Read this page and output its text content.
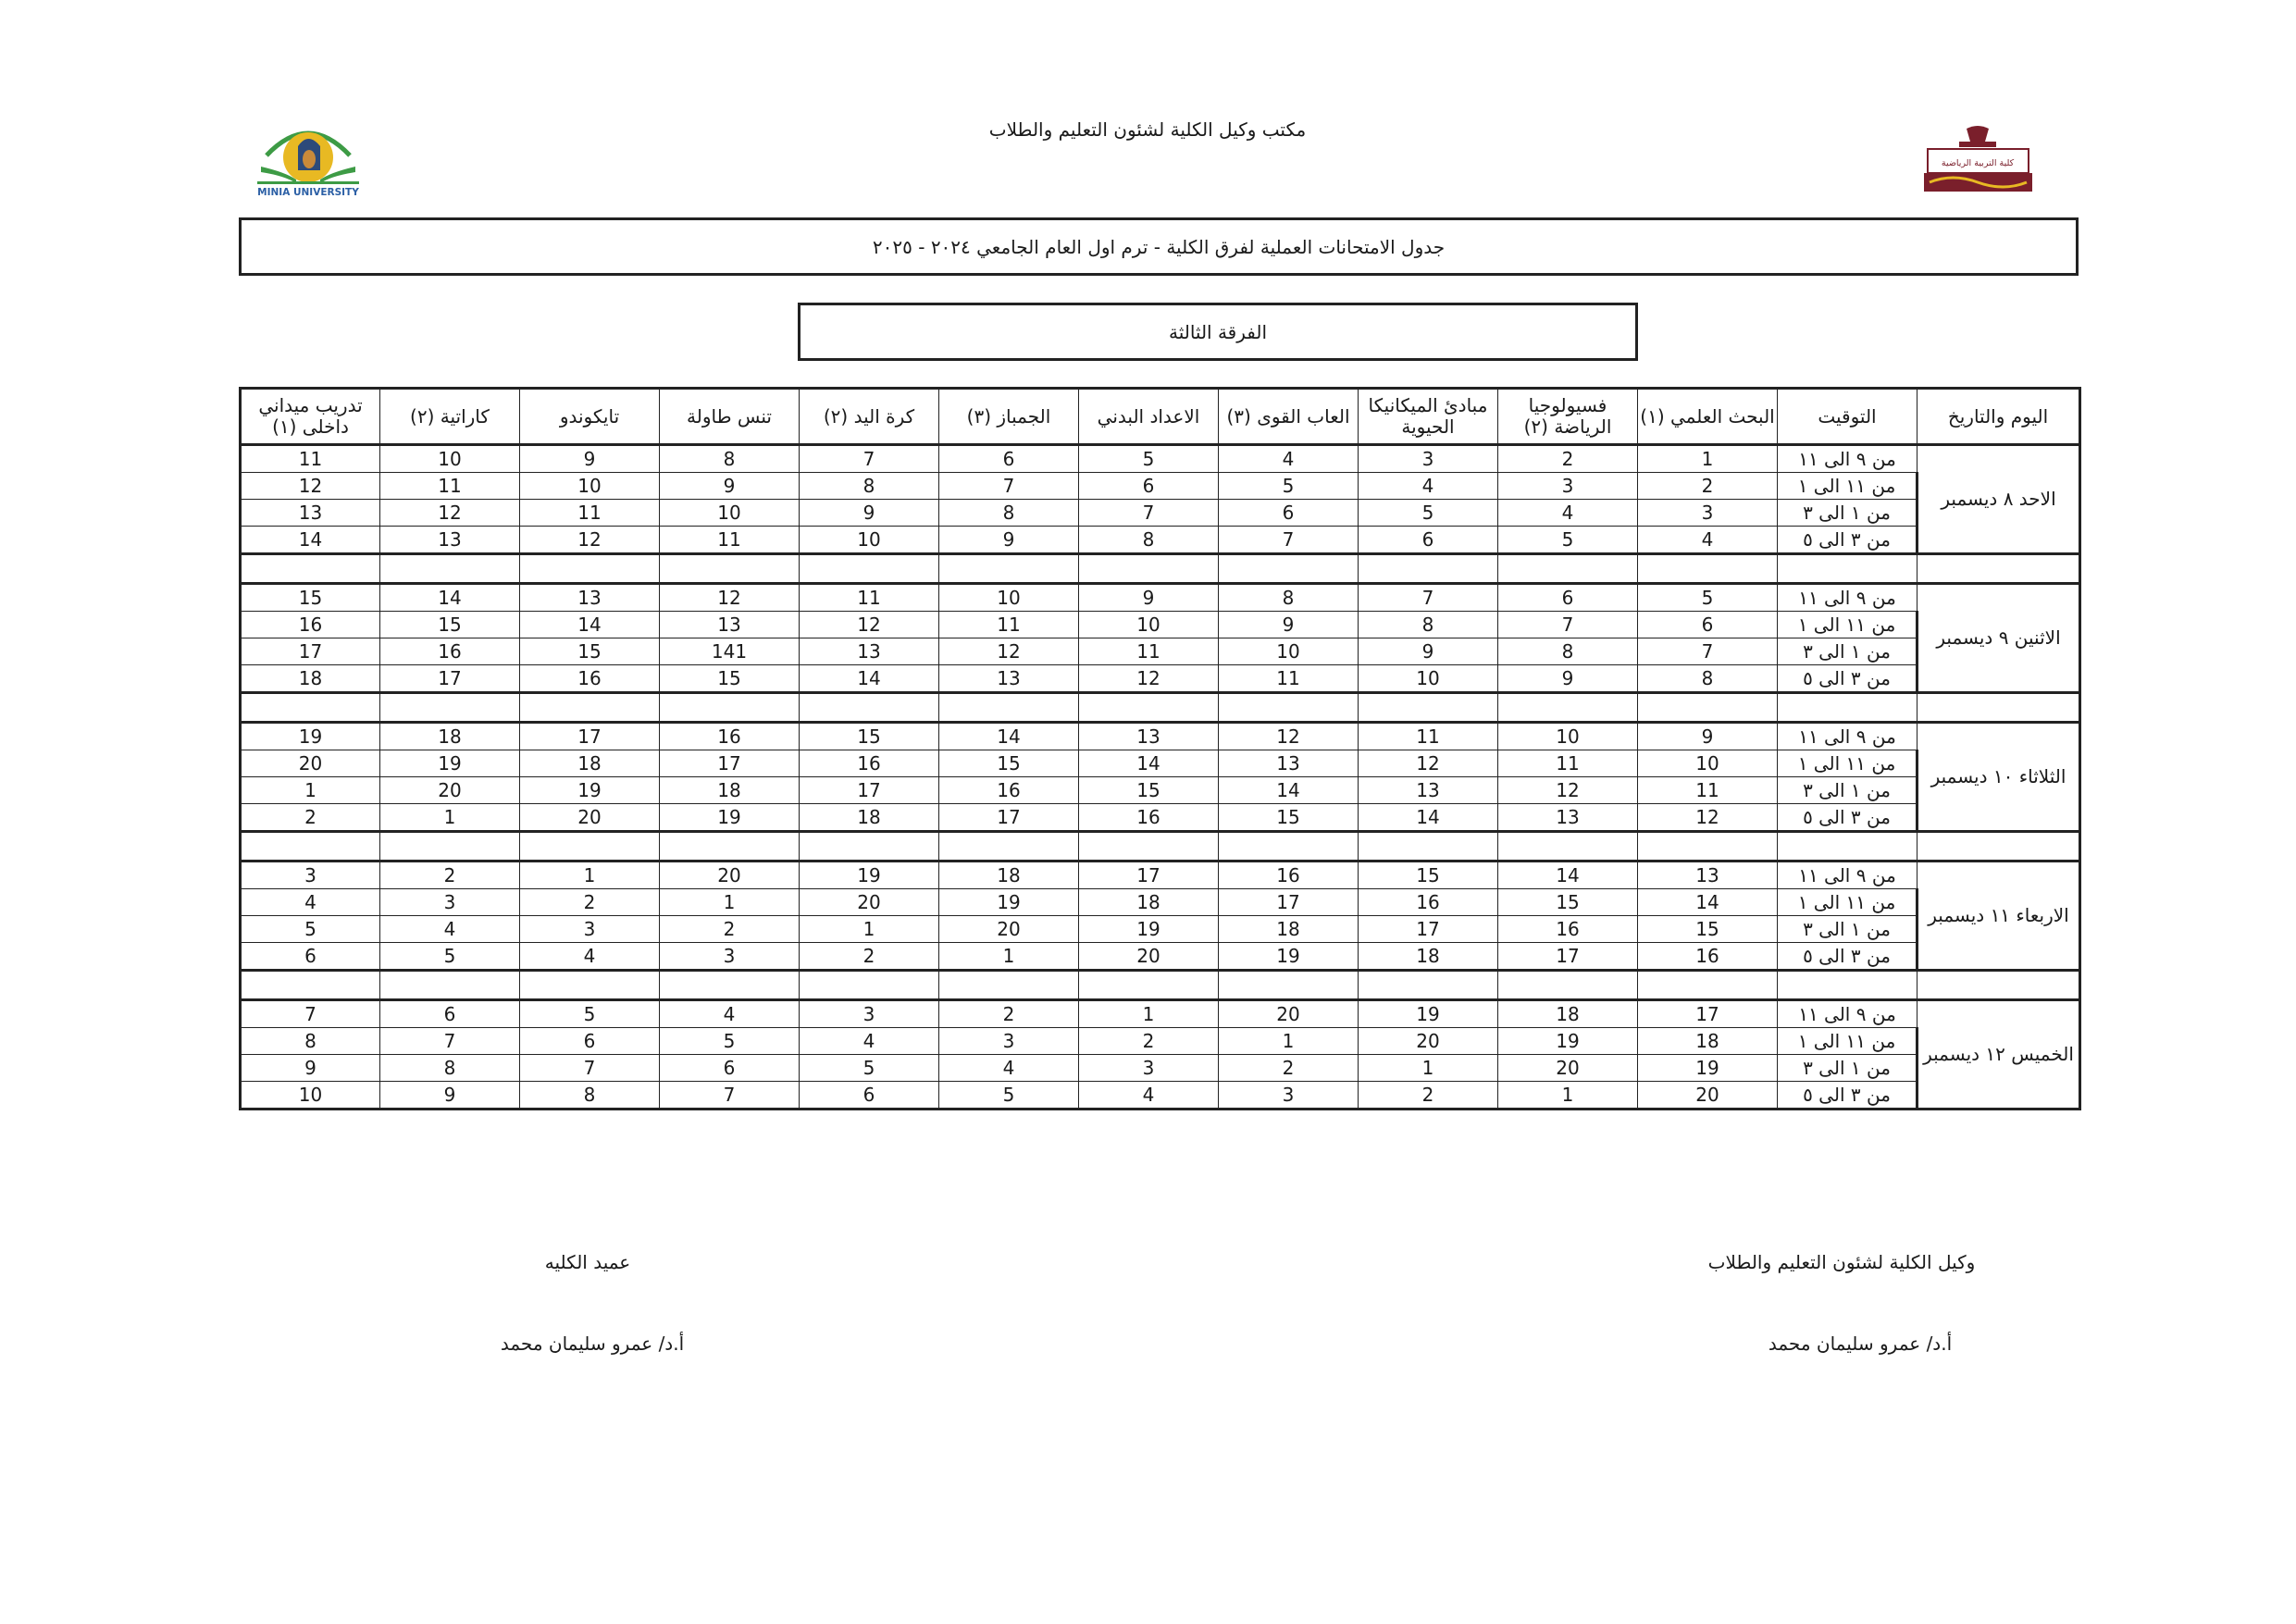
مكتب وكيل الكلية لشئون التعليم والطلاب
MINIA UNIVERSITY
كلية التربية الرياضية
جدول الامتحانات العملية لفرق الكلية - ترم اول العام الجامعي ٢٠٢٤ - ٢٠٢٥
الفرقة الثالثة
اليوم والتاريخ	التوقيت	البحث العلمي (١)	فسيولوجيا الرياضة (٢)	مبادئ الميكانيكا الحيوية	العاب القوى (٣)	الاعداد البدني	الجمباز (٣)	كرة اليد (٢)	تنس طاولة	تايكوندو	كاراتية (٢)	تدريب ميداني داخلى (١)
الاحد ٨ ديسمبر	من ٩ الى ١١	1	2	3	4	5	6	7	8	9	10	11
	من ١١ الى ١	2	3	4	5	6	7	8	9	10	11	12
	من ١ الى ٣	3	4	5	6	7	8	9	10	11	12	13
	من ٣ الى ٥	4	5	6	7	8	9	10	11	12	13	14

الاثنين ٩ ديسمبر	من ٩ الى ١١	5	6	7	8	9	10	11	12	13	14	15
	من ١١ الى ١	6	7	8	9	10	11	12	13	14	15	16
	من ١ الى ٣	7	8	9	10	11	12	13	141	15	16	17
	من ٣ الى ٥	8	9	10	11	12	13	14	15	16	17	18

الثلاثاء ١٠ ديسمبر	من ٩ الى ١١	9	10	11	12	13	14	15	16	17	18	19
	من ١١ الى ١	10	11	12	13	14	15	16	17	18	19	20
	من ١ الى ٣	11	12	13	14	15	16	17	18	19	20	1
	من ٣ الى ٥	12	13	14	15	16	17	18	19	20	1	2

الاربعاء ١١ ديسمبر	من ٩ الى ١١	13	14	15	16	17	18	19	20	1	2	3
	من ١١ الى ١	14	15	16	17	18	19	20	1	2	3	4
	من ١ الى ٣	15	16	17	18	19	20	1	2	3	4	5
	من ٣ الى ٥	16	17	18	19	20	1	2	3	4	5	6

الخميس ١٢ ديسمبر	من ٩ الى ١١	17	18	19	20	1	2	3	4	5	6	7
	من ١١ الى ١	18	19	20	1	2	3	4	5	6	7	8
	من ١ الى ٣	19	20	1	2	3	4	5	6	7	8	9
	من ٣ الى ٥	20	1	2	3	4	5	6	7	8	9	10
وكيل الكلية لشئون التعليم والطلاب
أ.د/ عمرو سليمان محمد
عميد الكليه
أ.د/ عمرو سليمان محمد
